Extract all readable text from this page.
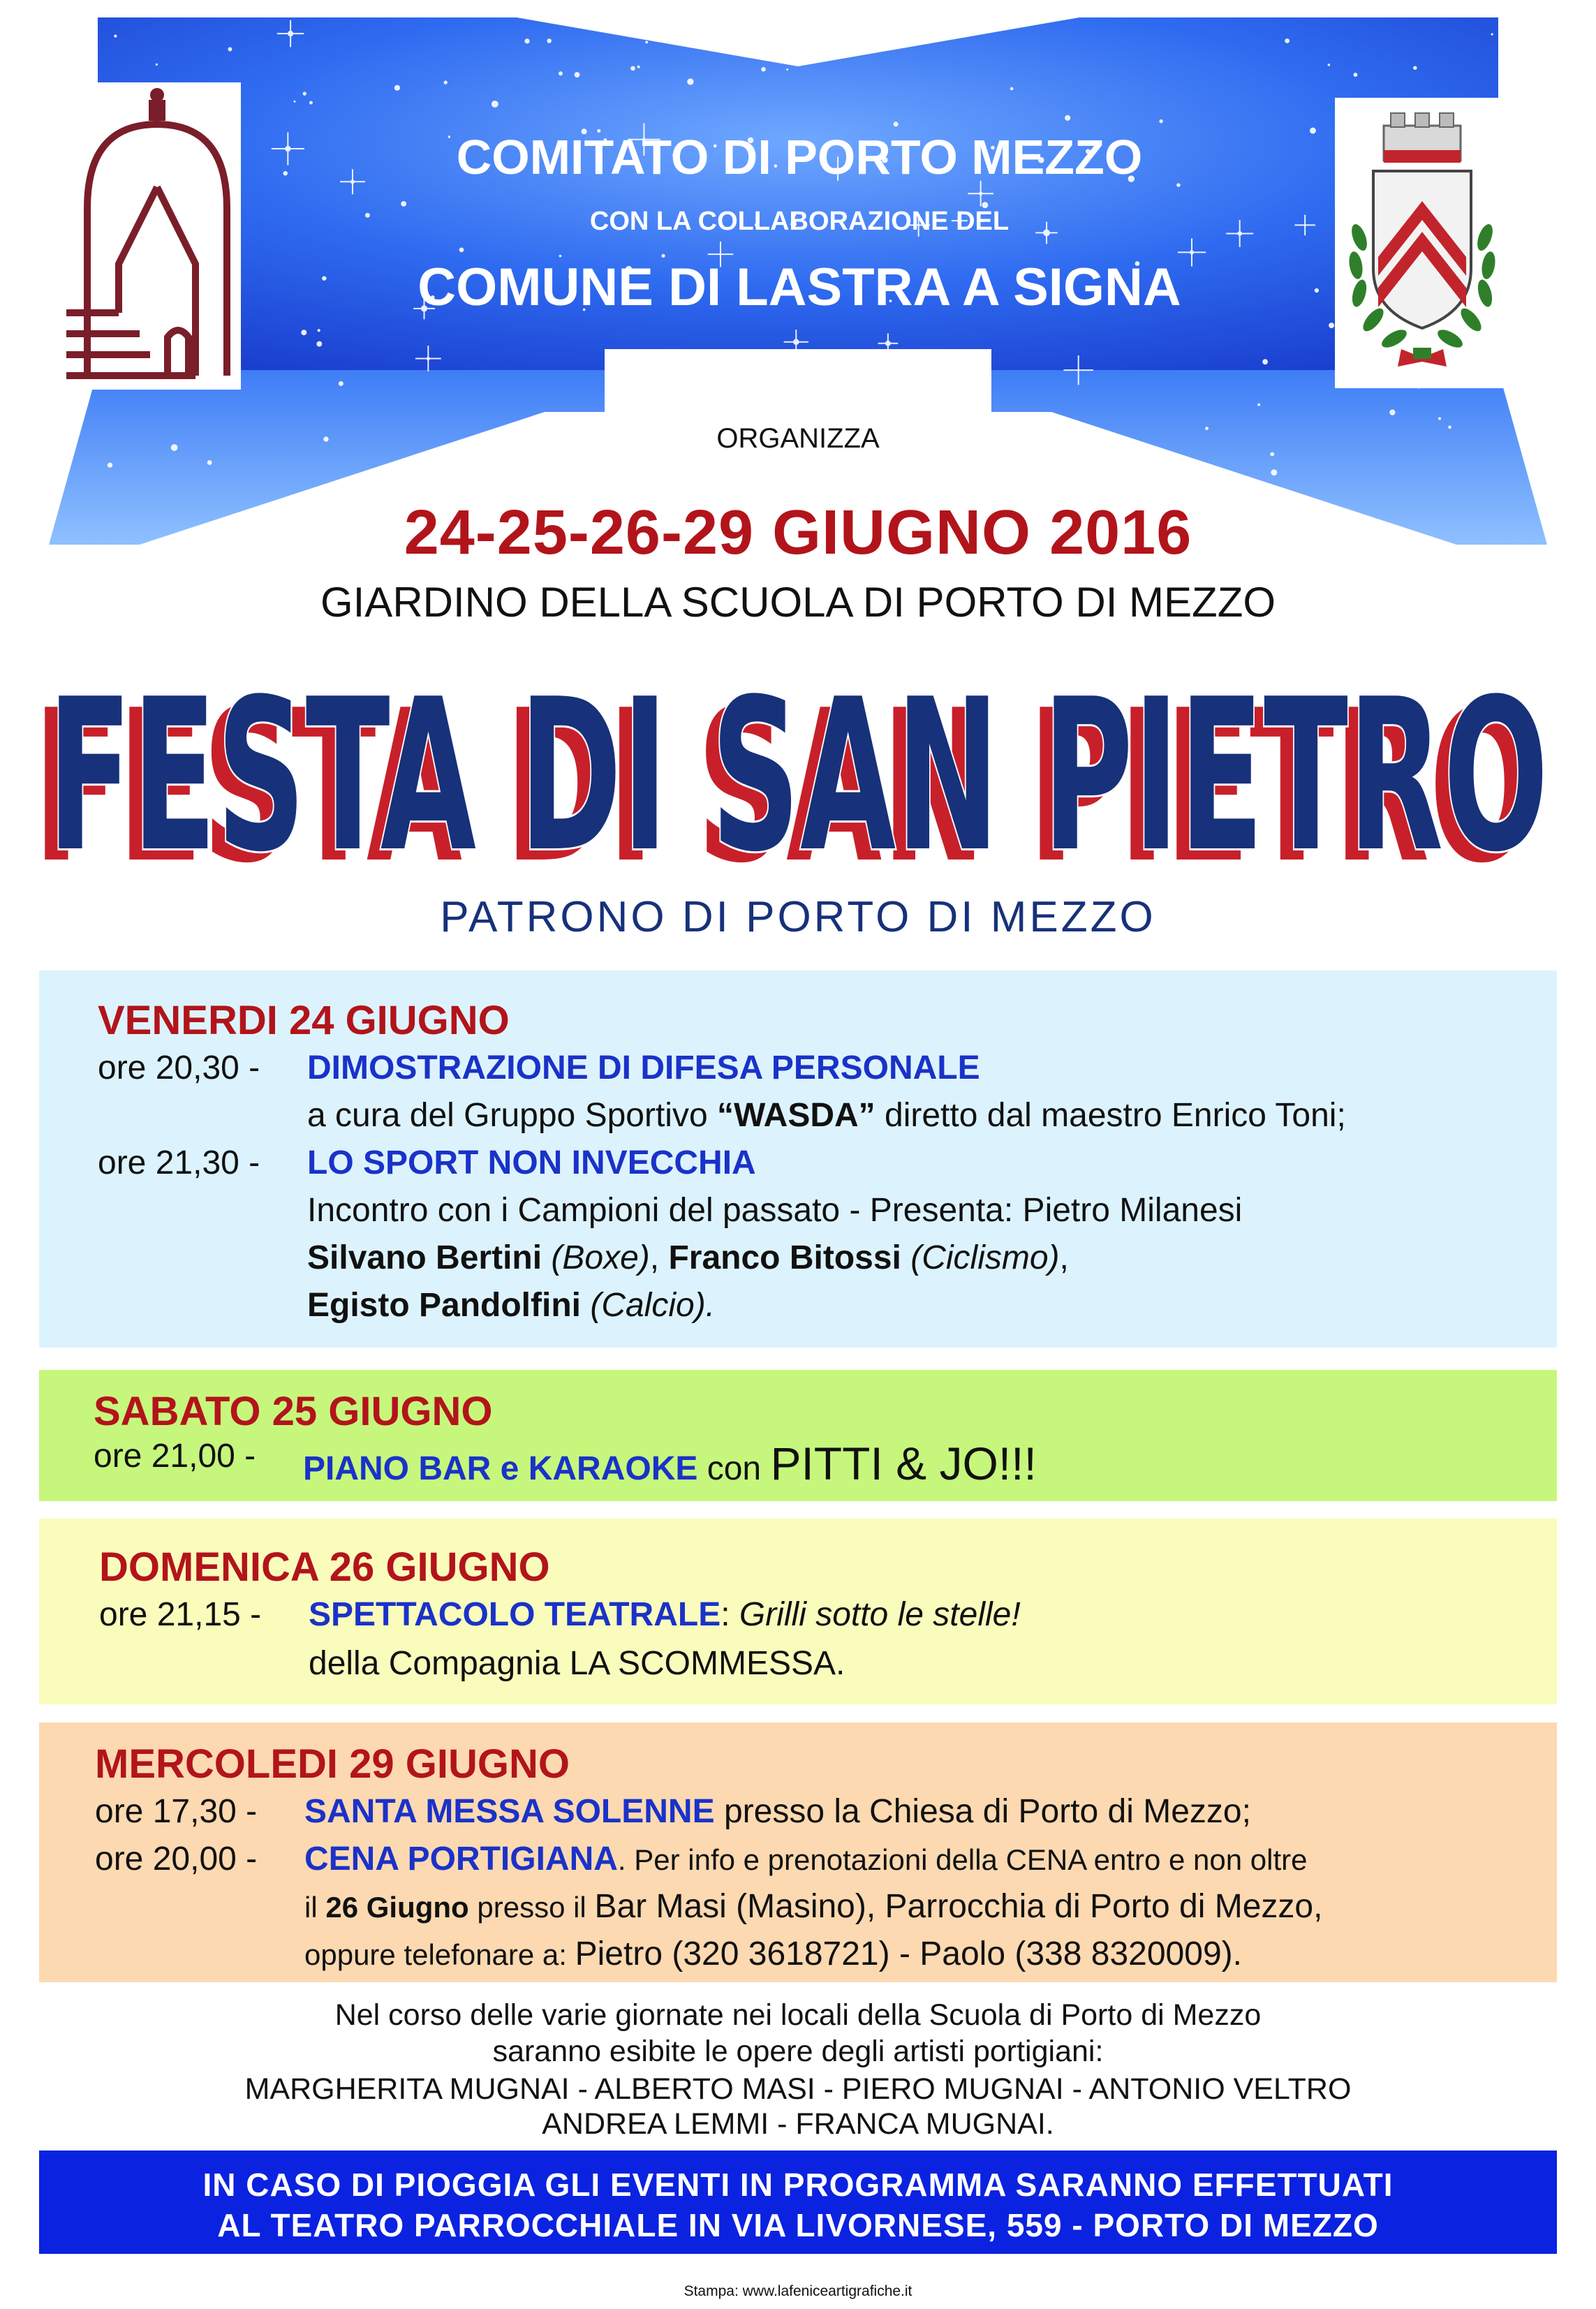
COMITATO DI PORTO MEZZO
CON LA COLLABORAZIONE DEL
COMUNE DI LASTRA A SIGNA
ORGANIZZA
24-25-26-29 GIUGNO 2016
GIARDINO DELLA SCUOLA DI PORTO DI MEZZO
FESTA DI SAN PIETRO
FESTA DI SAN PIETRO
PATRONO DI PORTO DI MEZZO
VENERDI 24 GIUGNO
ore 20,30 - DIMOSTRAZIONE DI DIFESA PERSONALE
a cura del Gruppo Sportivo “WASDA” diretto dal maestro Enrico Toni;
ore 21,30 - LO SPORT NON INVECCHIA
Incontro con i Campioni del passato - Presenta: Pietro Milanesi
Silvano Bertini (Boxe), Franco Bitossi (Ciclismo),
Egisto Pandolfini (Calcio).
SABATO 25 GIUGNO
ore 21,00 - PIANO BAR e KARAOKE con PITTI & JO!!!
DOMENICA 26 GIUGNO
ore 21,15 - SPETTACOLO TEATRALE: Grilli sotto le stelle!
della Compagnia LA SCOMMESSA.
MERCOLEDI 29 GIUGNO
ore 17,30 - SANTA MESSA SOLENNE presso la Chiesa di Porto di Mezzo;
ore 20,00 - CENA PORTIGIANA. Per info e prenotazioni della CENA entro e non oltre
il 26 Giugno presso il Bar Masi (Masino), Parrocchia di Porto di Mezzo,
oppure telefonare a: Pietro (320 3618721) - Paolo (338 8320009).
Nel corso delle varie giornate nei locali della Scuola di Porto di Mezzo
saranno esibite le opere degli artisti portigiani:
MARGHERITA MUGNAI - ALBERTO MASI - PIERO MUGNAI - ANTONIO VELTRO
IN CASO DI PIOGGIA GLI EVENTI IN PROGRAMMA SARANNO EFFETTUATI
AL TEATRO PARROCCHIALE IN VIA LIVORNESE, 559 - PORTO DI MEZZO
Stampa: www.lafeniceartigrafiche.it
ANDREA LEMMI - FRANCA MUGNAI.
